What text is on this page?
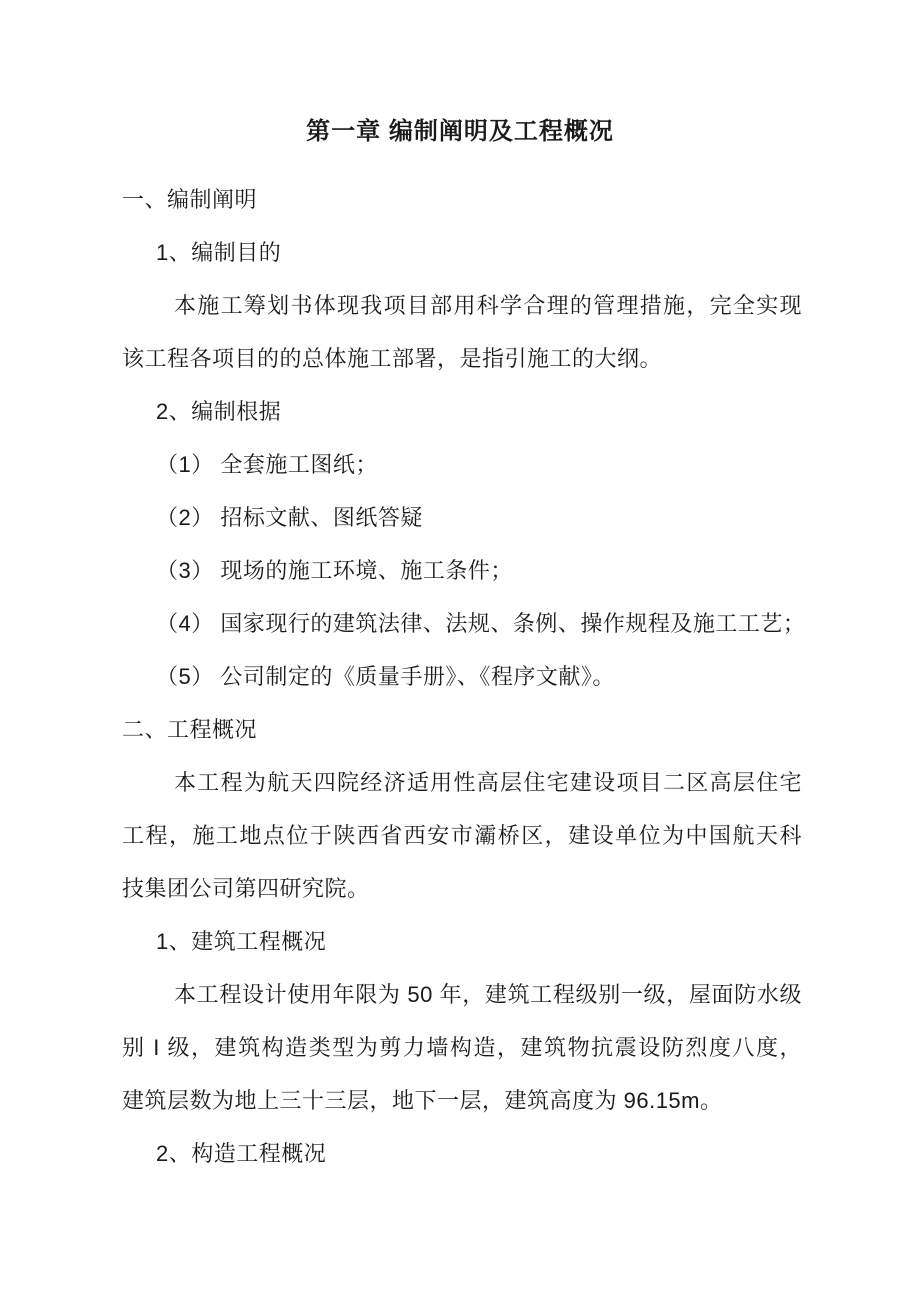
第一章 编制阐明及工程概况
一、编制阐明
1、编制目的
本施工筹划书体现我项目部用科学合理的管理措施，完全实现
该工程各项目的的总体施工部署，是指引施工的大纲。
2、编制根据
（1） 全套施工图纸；
（2） 招标文献、图纸答疑
（3） 现场的施工环境、施工条件；
（4） 国家现行的建筑法律、法规、条例、操作规程及施工工艺；
（5） 公司制定的《质量手册》、《程序文献》。
二、工程概况
本工程为航天四院经济适用性高层住宅建设项目二区高层住宅
工程，施工地点位于陕西省西安市灞桥区，建设单位为中国航天科
技集团公司第四研究院。
1、建筑工程概况
本工程设计使用年限为 50 年，建筑工程级别一级，屋面防水级
别 I 级，建筑构造类型为剪力墙构造，建筑物抗震设防烈度八度，
建筑层数为地上三十三层，地下一层，建筑高度为 96.15m。
2、构造工程概况
